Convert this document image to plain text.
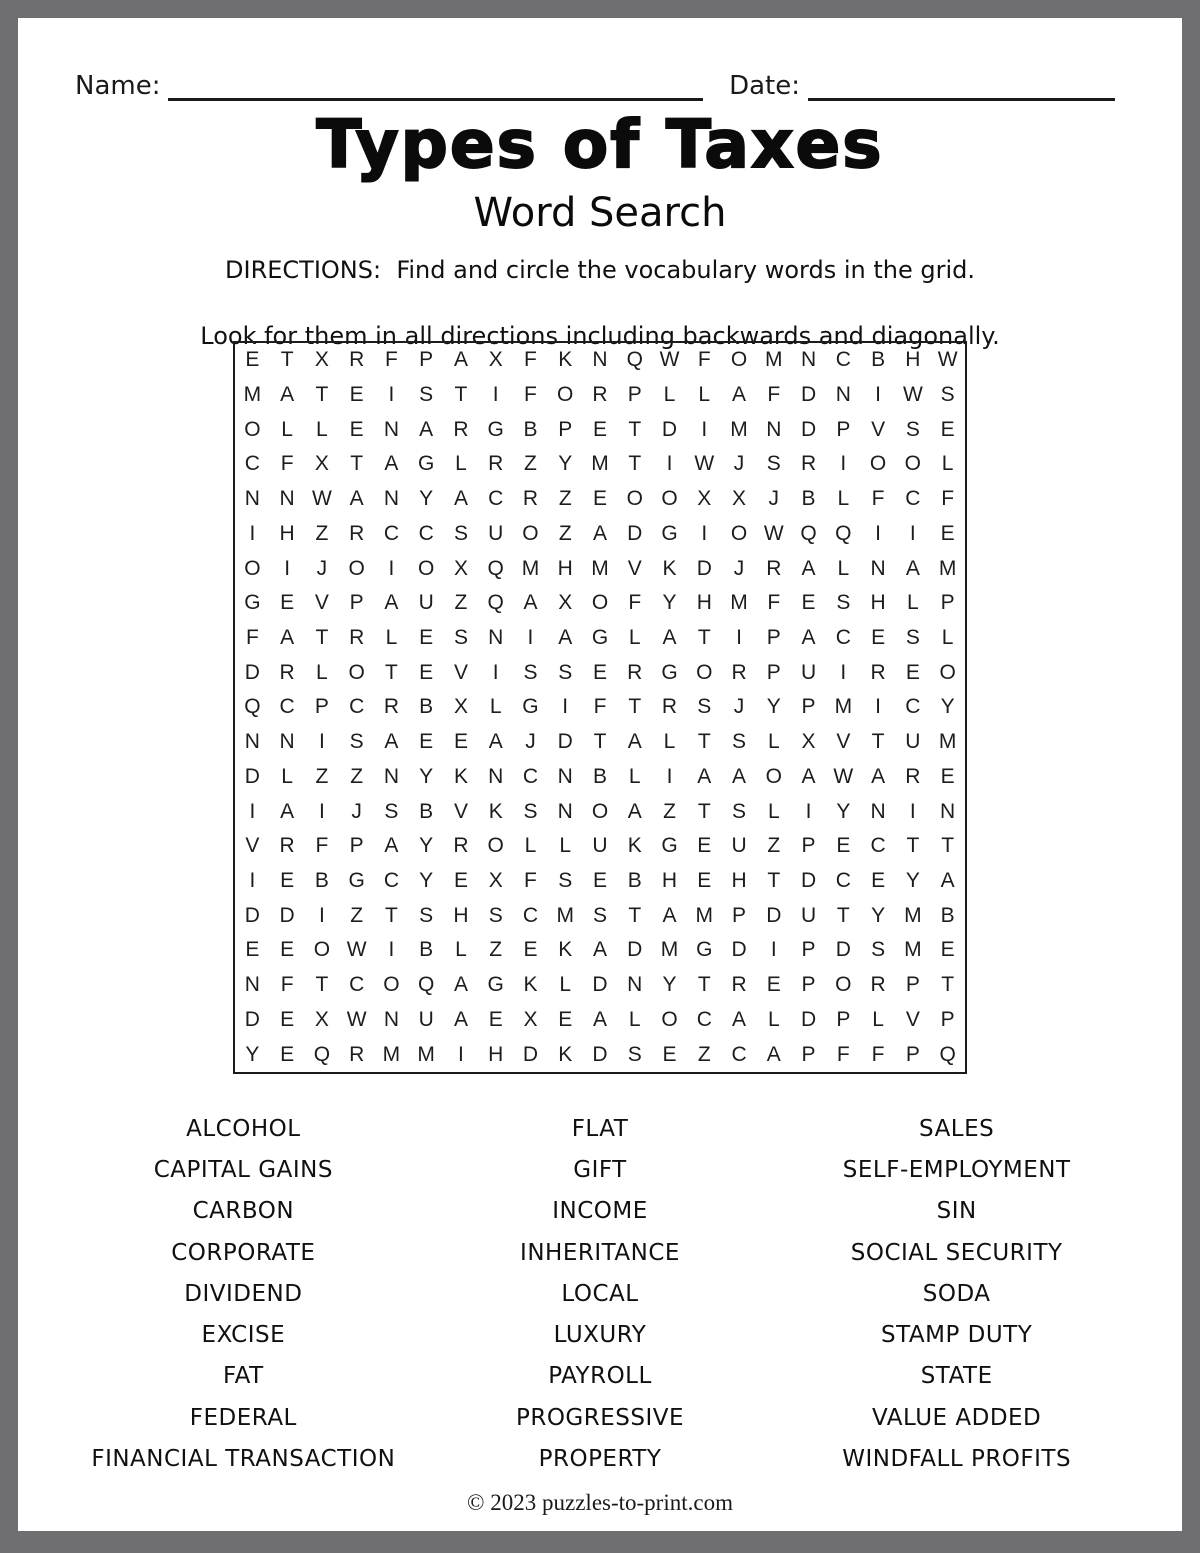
Name:	Date:
Types of Taxes
Word Search
DIRECTIONS:  Find and circle the vocabulary words in the grid.

Look for them in all directions including backwards and diagonally.
E	T	X R F	P A X	F	K N Q W F O M N C B H W
M A	T	E	I	S	T	I	F O R P	L	L	A	F D N	I	W S
O L	L	E N A R G B P E	T D	I	M N D P V S E
C F	X	T	A G L	R Z	Y M T	I	W J	S R	I	O O L
N N W A N Y A C R Z	E O O X X	J	B	L	F C F
I	H Z R C C S U O Z	A D G	I	O W Q Q	I	I	E
O	I	J	O	I	O X Q M H M V K D	J	R A	L	N A M
G E V P A U Z Q A X O F	Y H M F	E S H	L	P
F	A	T R	L	E S N	I	A G L	A	T	I	P A C E S	L
D R	L O T	E V	I	S S E R G O R P U	I	R E O
Q C P C R B X	L G	I	F	T R S	J	Y P M	I	C Y
N N	I	S A E E A	J	D T	A	L	T	S	L	X V	T U M
D	L	Z	Z N Y K N C N B	L	I	A A O A W A R E
I	A	I	J	S B V K S N O A	Z	T	S	L	I	Y N	I	N
V R F	P A Y R O L	L	U K G E U Z	P E C T	T
I	E B G C Y E X	F	S E B H E H T D C E Y A
D D	I	Z	T	S H S C M S	T	A M P D U T	Y M B
E E O W	I	B	L	Z	E K A D M G D	I	P D S M E
N F	T C O Q A G K	L	D N Y	T R E P O R P	T
D E X W N U A E X E A	L O C A	L	D P	L	V P
Y E Q R M M	I	H D K D S E	Z C A P	F	F	P Q
ALCOHOL
CAPITAL GAINS
CARBON
CORPORATE
DIVIDEND
EXCISE
FAT
FEDERAL
FINANCIAL TRANSACTION
FLAT
GIFT
INCOME
INHERITANCE
LOCAL
LUXURY
PAYROLL
PROGRESSIVE
PROPERTY
SALES
SELF-EMPLOYMENT
SIN
SOCIAL SECURITY
SODA
STAMP DUTY
STATE
VALUE ADDED
WINDFALL PROFITS
© 2023 puzzles-to-print.com
